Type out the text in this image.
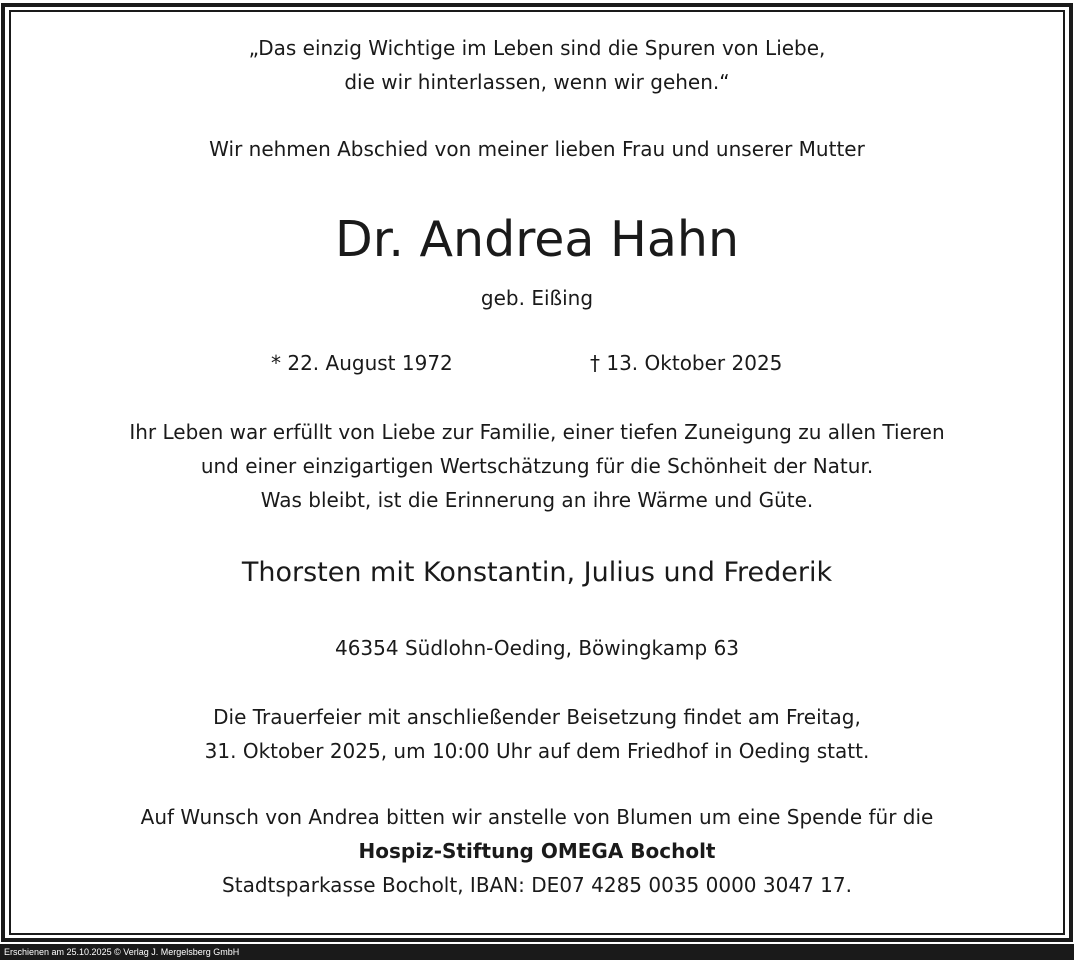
„Das einzig Wichtige im Leben sind die Spuren von Liebe,
die wir hinterlassen, wenn wir gehen.“
Wir nehmen Abschied von meiner lieben Frau und unserer Mutter
Dr. Andrea Hahn
geb. Eißing
* 22. August 1972	† 13. Oktober 2025
Ihr Leben war erfüllt von Liebe zur Familie, einer tiefen Zuneigung zu allen Tieren
und einer einzigartigen Wertschätzung für die Schönheit der Natur.
Was bleibt, ist die Erinnerung an ihre Wärme und Güte.
Thorsten mit Konstantin, Julius und Frederik
46354 Südlohn-Oeding, Böwingkamp 63
Die Trauerfeier mit anschließender Beisetzung findet am Freitag,
31. Oktober 2025, um 10:00 Uhr auf dem Friedhof in Oeding statt.
Auf Wunsch von Andrea bitten wir anstelle von Blumen um eine Spende für die
Hospiz-Stiftung OMEGA Bocholt
Stadtsparkasse Bocholt, IBAN: DE07 4285 0035 0000 3047 17.
Erschienen am 25.10.2025 © Verlag J. Mergelsberg GmbH
